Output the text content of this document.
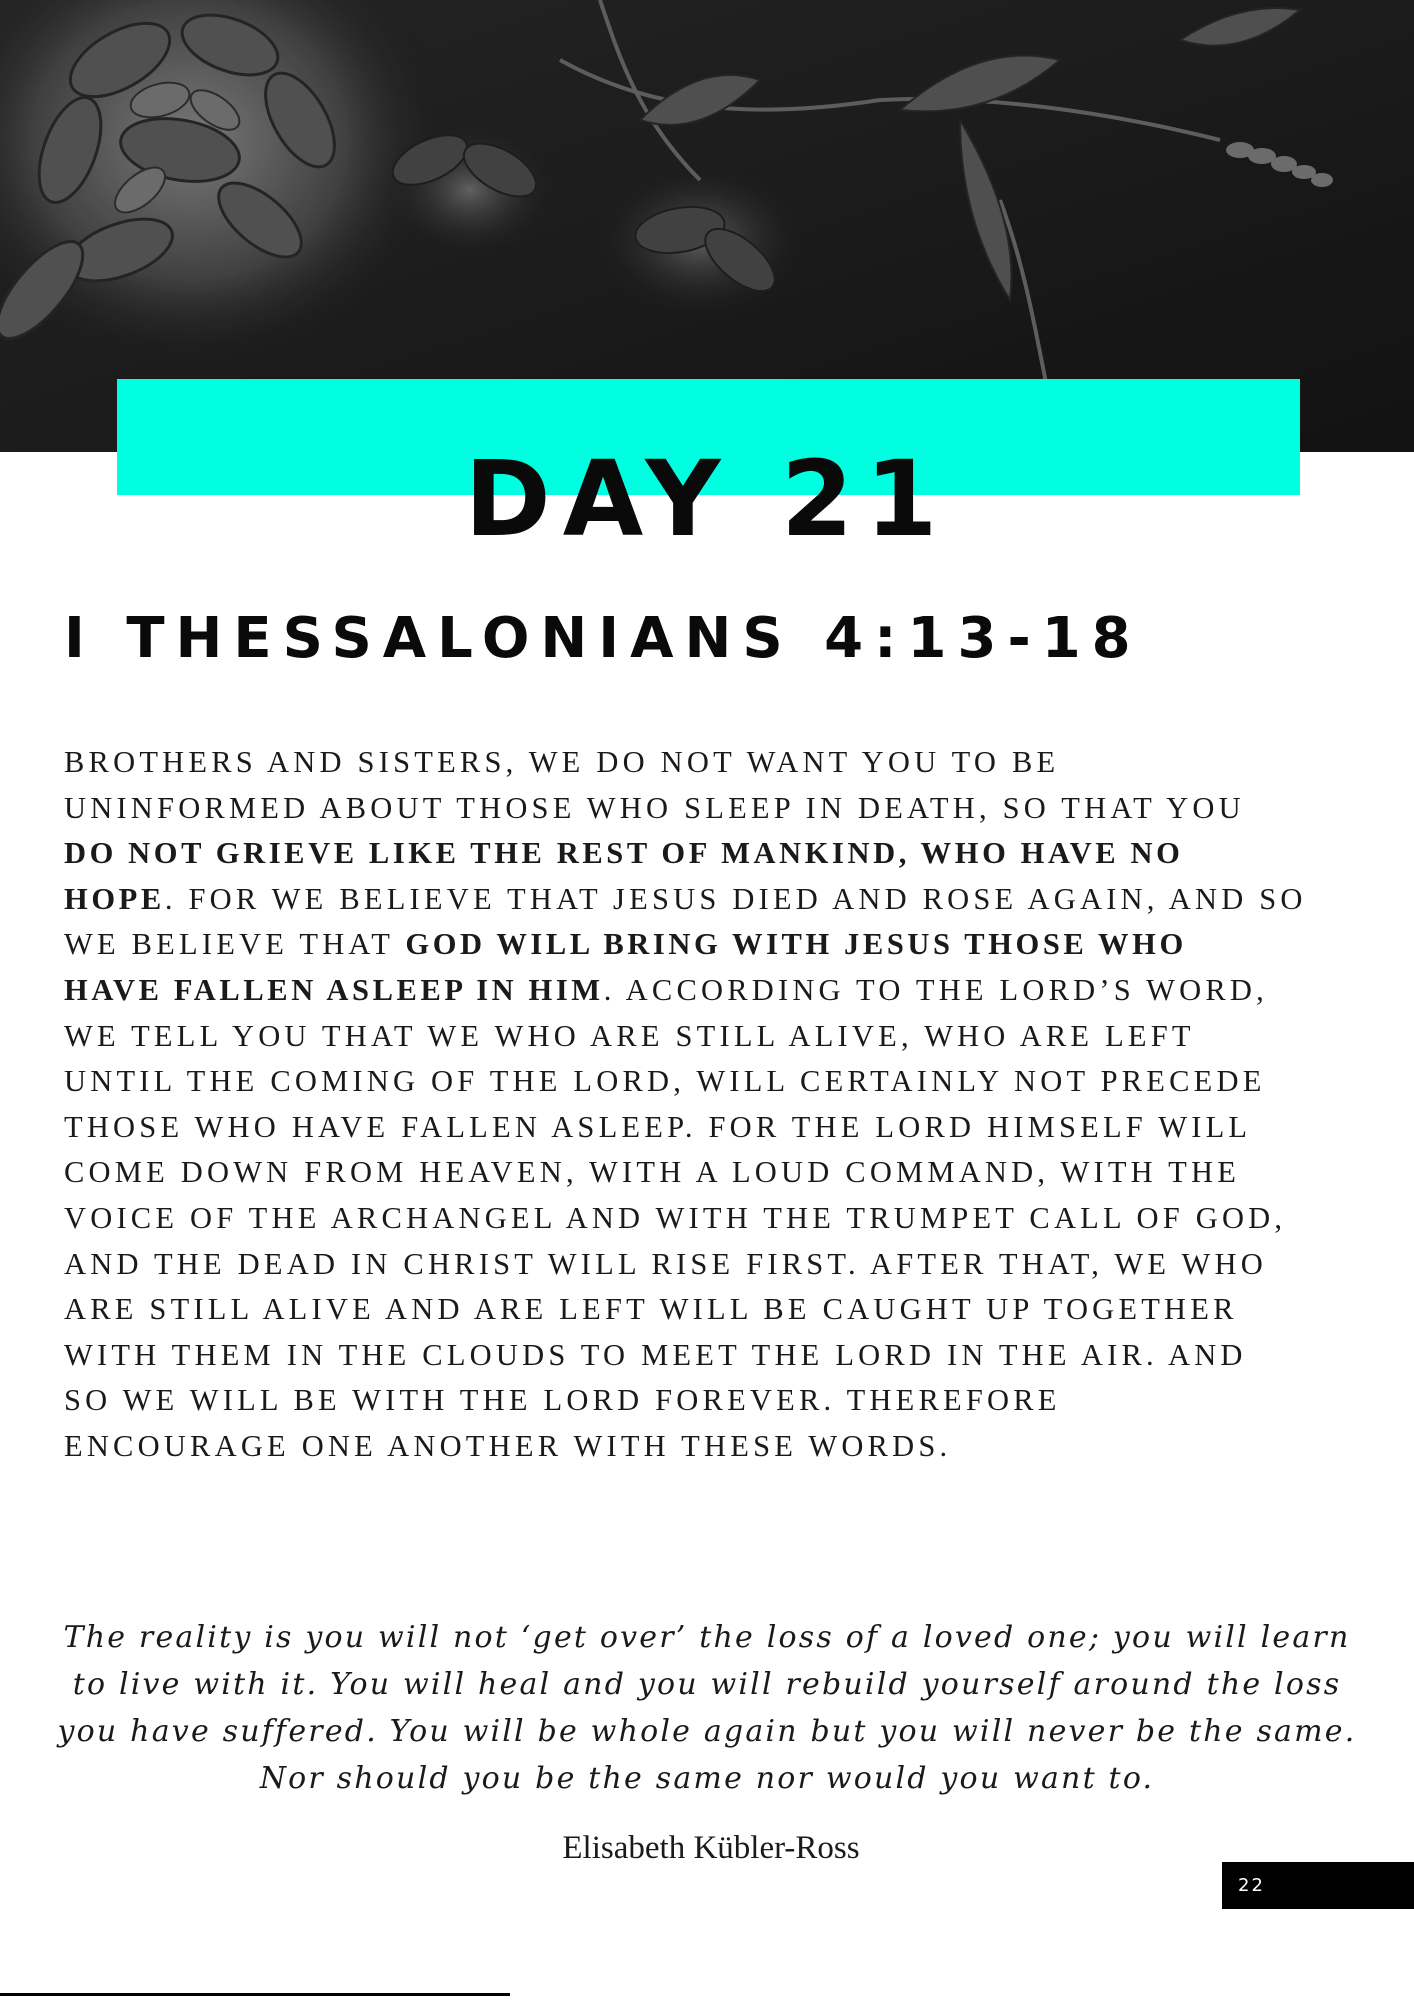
DAY 21
I THESSALONIANS 4:13-18
BROTHERS AND SISTERS, WE DO NOT WANT YOU TO BE
UNINFORMED ABOUT THOSE WHO SLEEP IN DEATH, SO THAT YOU
DO NOT GRIEVE LIKE THE REST OF MANKIND, WHO HAVE NO
HOPE. FOR WE BELIEVE THAT JESUS DIED AND ROSE AGAIN, AND SO
WE BELIEVE THAT GOD WILL BRING WITH JESUS THOSE WHO
HAVE FALLEN ASLEEP IN HIM. ACCORDING TO THE LORD’S WORD,
WE TELL YOU THAT WE WHO ARE STILL ALIVE, WHO ARE LEFT
UNTIL THE COMING OF THE LORD, WILL CERTAINLY NOT PRECEDE
THOSE WHO HAVE FALLEN ASLEEP. FOR THE LORD HIMSELF WILL
COME DOWN FROM HEAVEN, WITH A LOUD COMMAND, WITH THE
VOICE OF THE ARCHANGEL AND WITH THE TRUMPET CALL OF GOD,
AND THE DEAD IN CHRIST WILL RISE FIRST. AFTER THAT, WE WHO
ARE STILL ALIVE AND ARE LEFT WILL BE CAUGHT UP TOGETHER
WITH THEM IN THE CLOUDS TO MEET THE LORD IN THE AIR. AND
SO WE WILL BE WITH THE LORD FOREVER. THEREFORE
ENCOURAGE ONE ANOTHER WITH THESE WORDS.
The reality is you will not ‘get over’ the loss of a loved one; you will learn
to live with it. You will heal and you will rebuild yourself around the loss
you have suffered. You will be whole again but you will never be the same.
Nor should you be the same nor would you want to.
Elisabeth Kübler-Ross
22
